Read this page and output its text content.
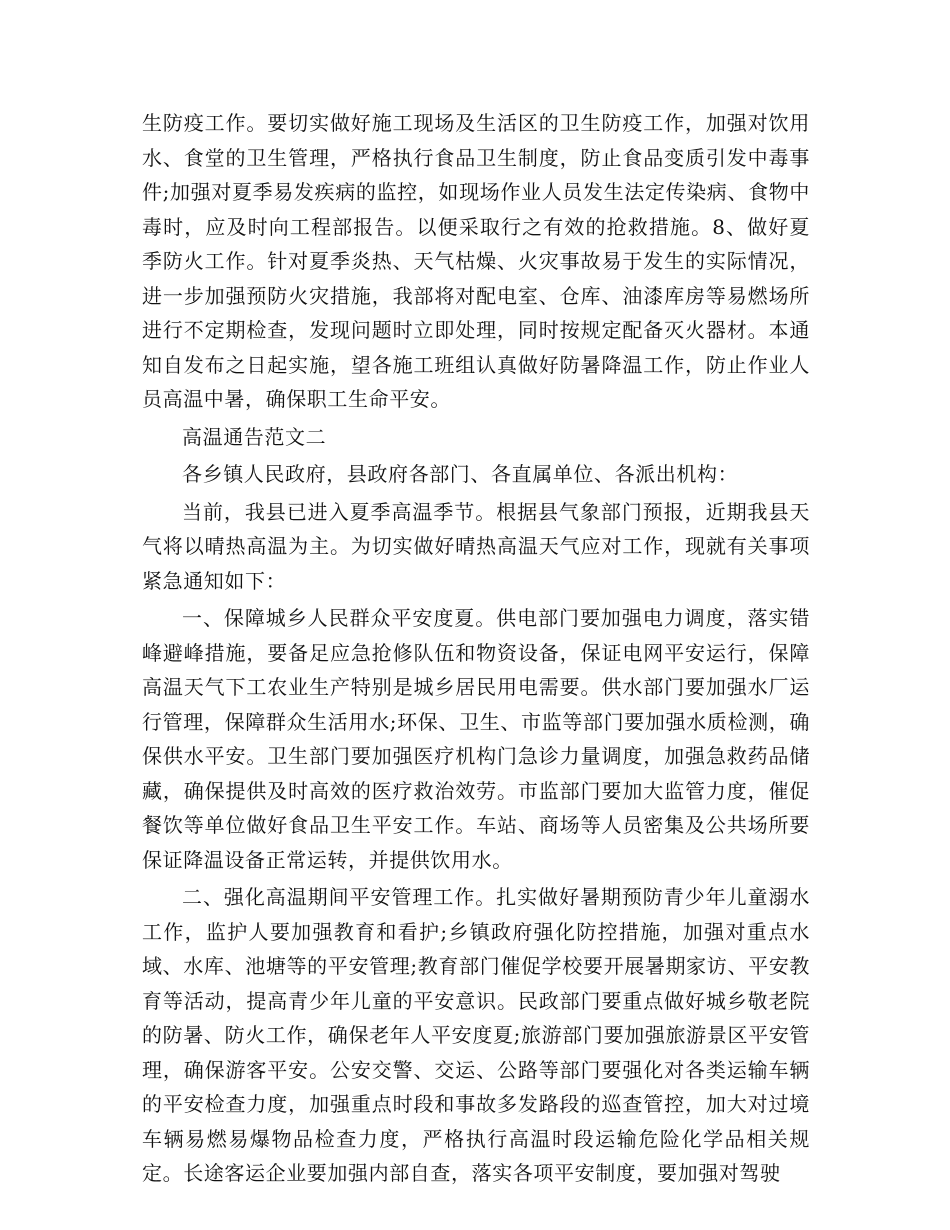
生防疫工作。要切实做好施工现场及生活区的卫生防疫工作，加强对饮用水、食堂的卫生管理，严格执行食品卫生制度，防止食品变质引发中毒事件;加强对夏季易发疾病的监控，如现场作业人员发生法定传染病、食物中毒时，应及时向工程部报告。以便采取行之有效的抢救措施。8、做好夏季防火工作。针对夏季炎热、天气枯燥、火灾事故易于发生的实际情况，进一步加强预防火灾措施，我部将对配电室、仓库、油漆库房等易燃场所进行不定期检查，发现问题时立即处理，同时按规定配备灭火器材。本通知自发布之日起实施，望各施工班组认真做好防暑降温工作，防止作业人员高温中暑，确保职工生命平安。

高温通告范文二

各乡镇人民政府，县政府各部门、各直属单位、各派出机构：

当前，我县已进入夏季高温季节。根据县气象部门预报，近期我县天气将以晴热高温为主。为切实做好晴热高温天气应对工作，现就有关事项紧急通知如下：

一、保障城乡人民群众平安度夏。供电部门要加强电力调度，落实错峰避峰措施，要备足应急抢修队伍和物资设备，保证电网平安运行，保障高温天气下工农业生产特别是城乡居民用电需要。供水部门要加强水厂运行管理，保障群众生活用水;环保、卫生、市监等部门要加强水质检测，确保供水平安。卫生部门要加强医疗机构门急诊力量调度，加强急救药品储藏，确保提供及时高效的医疗救治效劳。市监部门要加大监管力度，催促餐饮等单位做好食品卫生平安工作。车站、商场等人员密集及公共场所要保证降温设备正常运转，并提供饮用水。

二、强化高温期间平安管理工作。扎实做好暑期预防青少年儿童溺水工作，监护人要加强教育和看护;乡镇政府强化防控措施，加强对重点水域、水库、池塘等的平安管理;教育部门催促学校要开展暑期家访、平安教育等活动，提高青少年儿童的平安意识。民政部门要重点做好城乡敬老院的防暑、防火工作，确保老年人平安度夏;旅游部门要加强旅游景区平安管理，确保游客平安。公安交警、交运、公路等部门要强化对各类运输车辆的平安检查力度，加强重点时段和事故多发路段的巡查管控，加大对过境车辆易燃易爆物品检查力度，严格执行高温时段运输危险化学品相关规定。长途客运企业要加强内部自查，落实各项平安制度，要加强对驾驶
